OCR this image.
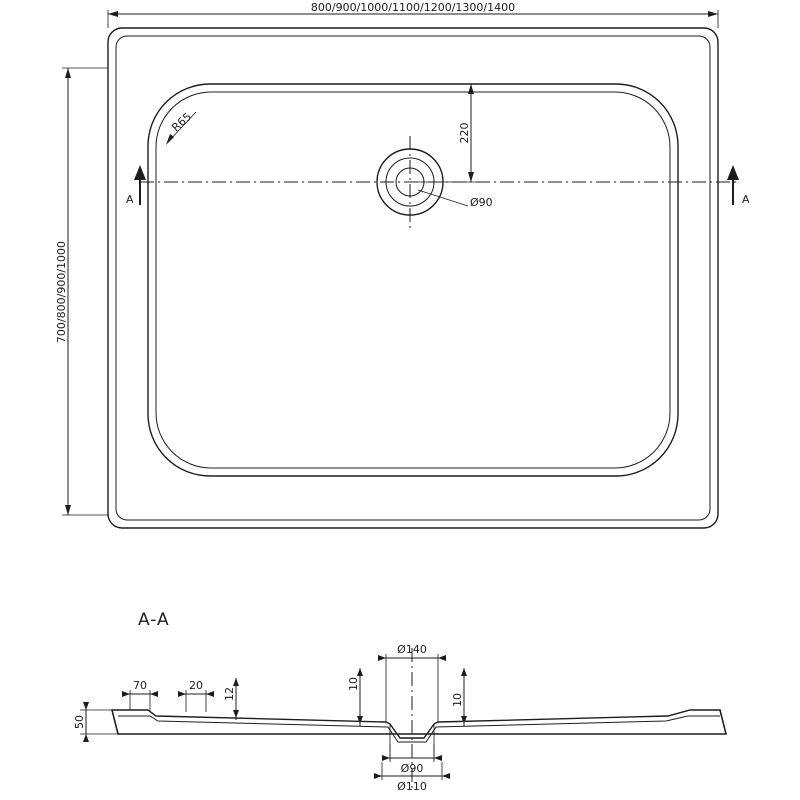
A	A
R65
Ø90
800/900/1000/1100/1200/1300/1400
700/800/900/1000
220
A-A
50
70	20
12
10
10
Ø140
Ø90
Ø110
